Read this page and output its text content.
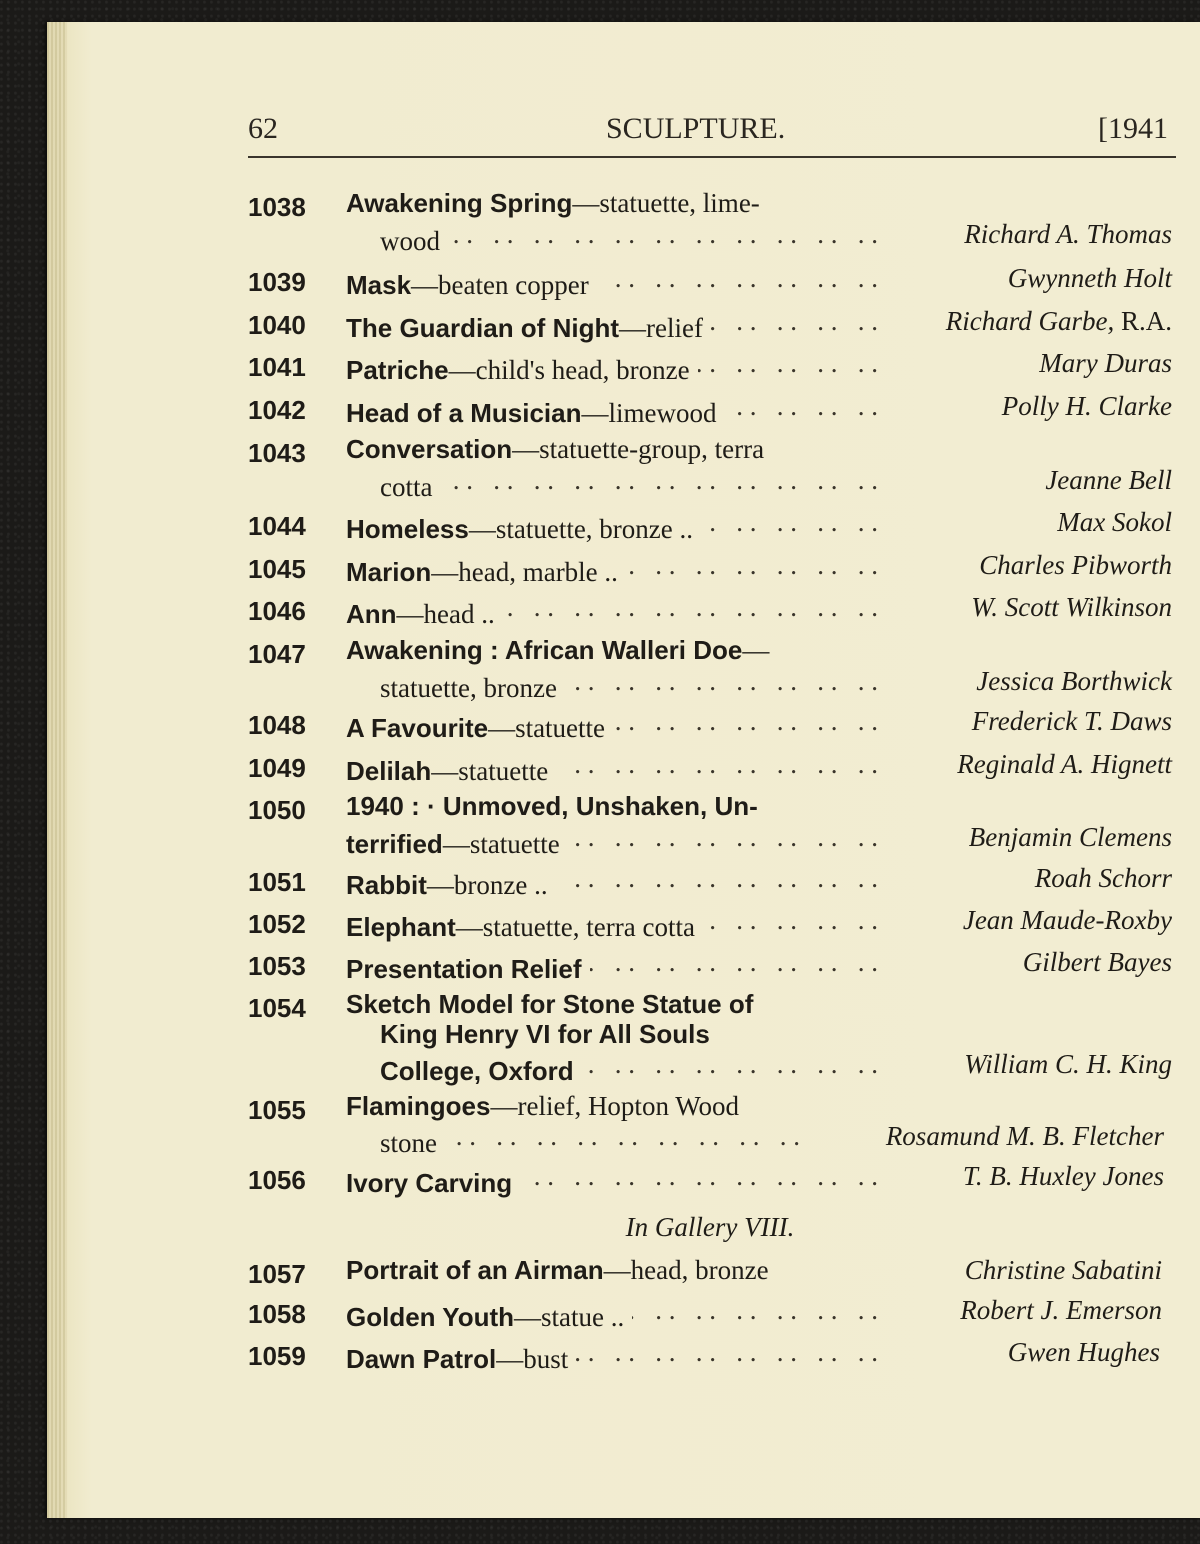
62	SCULPTURE.	[1941
1038 Awakening Spring —statuette, lime-
wood . .	Richard A. Thomas
1039 Mask —beaten copper . .	Gwynneth Holt
1040 The Guardian of Night —relief . .	Richard Garbe, R.A.
1041 Patriche —child's head, bronze . .	Mary Duras
1042 Head of a Musician —limewood . .	Polly H. Clarke
1043 Conversation —statuette-group, terra
cotta . .	Jeanne Bell
1044 Homeless —statuette, bronze .. . .	Max Sokol
1045 Marion —head, marble .. . .	Charles Pibworth
1046 Ann —head .. . .	W. Scott Wilkinson
1047 Awakening : African Walleri Doe —
statuette, bronze . .	Jessica Borthwick
1048 A Favourite —statuette . .	Frederick T. Daws
1049 Delilah —statuette . .	Reginald A. Hignett
1050 1940 : · Unmoved, Unshaken, Un-
terrified —statuette . .	Benjamin Clemens
1051 Rabbit —bronze .. . .	Roah Schorr
1052 Elephant —statuette, terra cotta . .	Jean Maude-Roxby
1053 Presentation Relief . .	Gilbert Bayes
1054 Sketch Model for Stone Statue of
King Henry VI for All Souls
College, Oxford . .	William C. H. King
1055 Flamingoes —relief, Hopton Wood
stone . .	Rosamund M. B. Fletcher
1056 Ivory Carving . .	T. B. Huxley Jones
In Gallery VIII.
1057 Portrait of an Airman —head, bronze	Christine Sabatini
1058 Golden Youth —statue .. . .	Robert J. Emerson
1059 Dawn Patrol —bust . .	Gwen Hughes
